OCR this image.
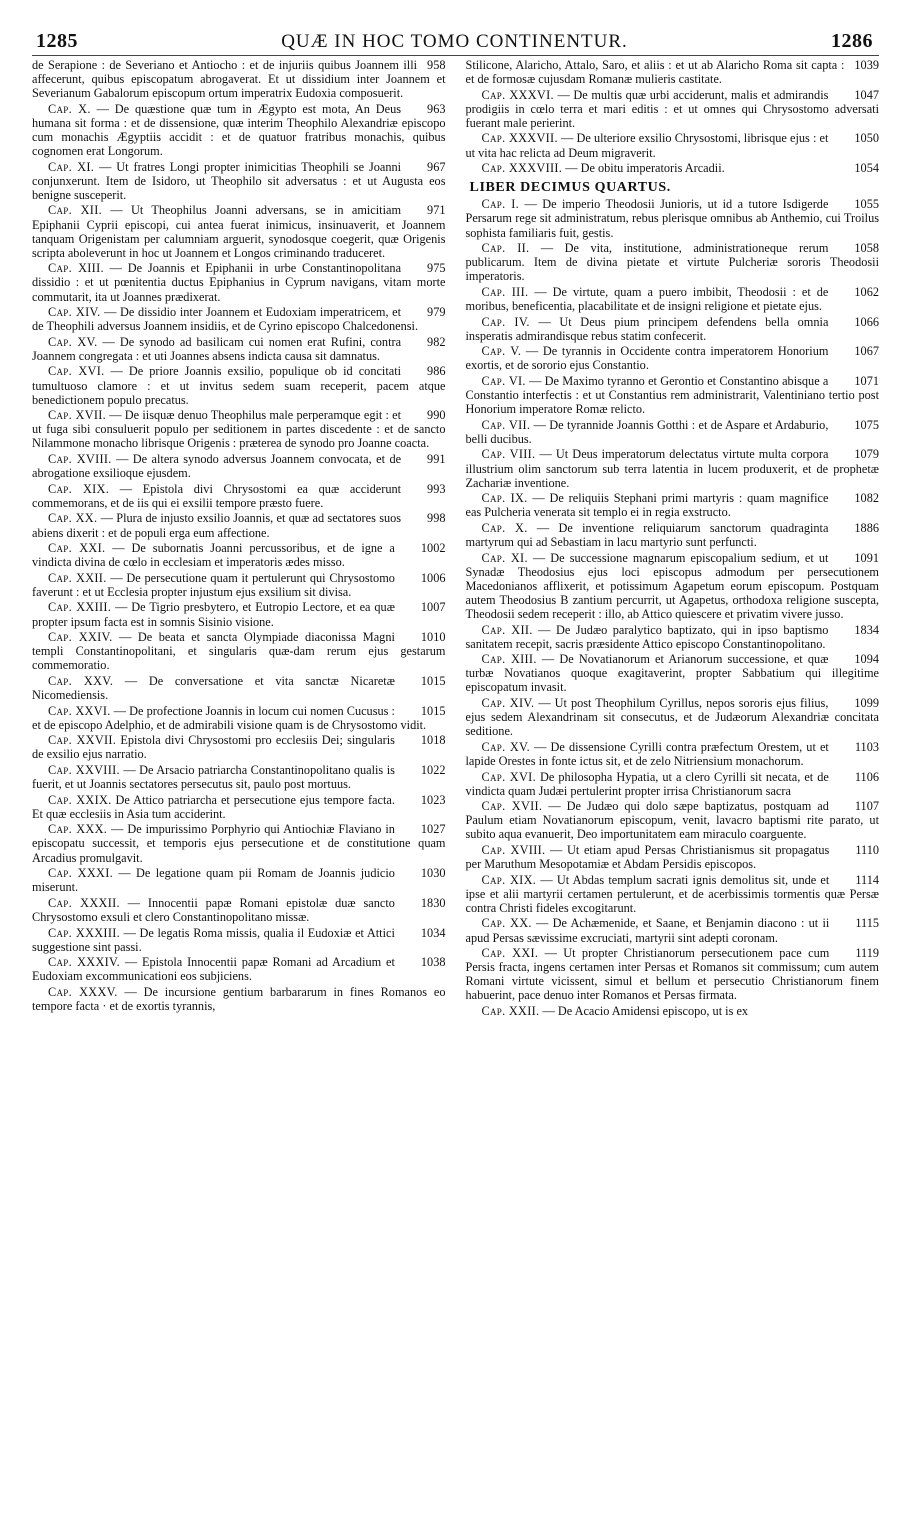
1285	QUÆ IN HOC TOMO CONTINENTUR.	1286

958
de Serapione : de Severiano et Antiocho : et de injuriis quibus Joannem illi affecerunt, quibus episcopatum abrogaverat. Et ut dissidium inter Joannem et Severianum Gabalorum episcopum ortum imperatrix Eudoxia composuerit.

963
Cap. X. — De quæstione quæ tum in Ægypto est mota, An Deus humana sit forma : et de dissensione, quæ interim Theophilo Alexandriæ episcopo cum monachis Ægyptiis accidit : et de quatuor fratribus monachis, quibus cognomen erat Longorum.

967
Cap. XI. — Ut fratres Longi propter inimicitias Theophili se Joanni conjunxerunt. Item de Isidoro, ut Theophilo sit adversatus : et ut Augusta eos benigne susceperit.

971
Cap. XII. — Ut Theophilus Joanni adversans, se in amicitiam Epiphanii Cyprii episcopi, cui antea fuerat inimicus, insinuaverit, et Joannem tanquam Origenistam per calumniam arguerit, synodosque coegerit, quæ Origenis scripta aboleverunt in hoc ut Joannem et Longos criminando traduceret.

975
Cap. XIII. — De Joannis et Epiphanii in urbe Constantinopolitana dissidio : et ut pœnitentia ductus Epiphanius in Cyprum navigans, vitam morte commutarit, ita ut Joannes prædixerat.

979
Cap. XIV. — De dissidio inter Joannem et Eudoxiam imperatricem, et de Theophili adversus Joannem insidiis, et de Cyrino episcopo Chalcedonensi.

982
Cap. XV. — De synodo ad basilicam cui nomen erat Rufini, contra Joannem congregata : et uti Joannes absens indicta causa sit damnatus.

986
Cap. XVI. — De priore Joannis exsilio, populique ob id concitati tumultuoso clamore : et ut invitus sedem suam receperit, pacem atque benedictionem populo precatus.

990
Cap. XVII. — De iisquæ denuo Theophilus male perperamque egit : et ut fuga sibi consuluerit populo per seditionem in partes discedente : et de sancto Nilammone monacho librisque Origenis : præterea de synodo pro Joanne coacta.

991
Cap. XVIII. — De altera synodo adversus Joannem convocata, et de abrogatione exsilioque ejusdem.

993
Cap. XIX. — Epistola divi Chrysostomi ea quæ acciderunt commemorans, et de iis qui ei exsilii tempore præsto fuere.

998
Cap. XX. — Plura de injusto exsilio Joannis, et quæ ad sectatores suos abiens dixerit : et de populi erga eum affectione.

1002
Cap. XXI. — De subornatis Joanni percussoribus, et de igne a vindicta divina de cœlo in ecclesiam et imperatoris ædes misso.

1006
Cap. XXII. — De persecutione quam it pertulerunt qui Chrysostomo faverunt : et ut Ecclesia propter injustum ejus exsilium sit divisa.

1007
Cap. XXIII. — De Tigrio presbytero, et Eutropio Lectore, et ea quæ propter ipsum facta est in somnis Sisinio visione.

1010
Cap. XXIV. — De beata et sancta Olympiade diaconissa Magni templi Constantinopolitani, et singularis quæ-dam rerum ejus gestarum commemoratio.

1015
Cap. XXV. — De conversatione et vita sanctæ Nicaretæ Nicomediensis.

1015
Cap. XXVI. — De profectione Joannis in locum cui nomen Cucusus : et de episcopo Adelphio, et de admirabili visione quam is de Chrysostomo vidit.

1018
Cap. XXVII. Epistola divi Chrysostomi pro ecclesiis Dei; singularis de exsilio ejus narratio.

1022
Cap. XXVIII. — De Arsacio patriarcha Constantinopolitano qualis is fuerit, et ut Joannis sectatores persecutus sit, paulo post mortuus.

1023
Cap. XXIX. De Attico patriarcha et persecutione ejus tempore facta. Et quæ ecclesiis in Asia tum acciderint.

1027
Cap. XXX. — De impurissimo Porphyrio qui Antiochiæ Flaviano in episcopatu successit, et temporis ejus persecutione et de constitutione quam Arcadius promulgavit.

1030
Cap. XXXI. — De legatione quam pii Romam de Joannis judicio miserunt.

1830
Cap. XXXII. — Innocentii papæ Romani epistolæ duæ sancto Chrysostomo exsuli et clero Constantinopolitano missæ.

1034
Cap. XXXIII. — De legatis Roma missis, qualia il Eudoxiæ et Attici suggestione sint passi.

1038
Cap. XXXIV. — Epistola Innocentii papæ Romani ad Arcadium et Eudoxiam excommunicationi eos subjiciens.

Cap. XXXV. — De incursione gentium barbararum in fines Romanos eo tempore facta · et de exortis tyrannis,

1039
Stilicone, Alaricho, Attalo, Saro, et aliis : et ut ab Alaricho Roma sit capta : et de formosæ cujusdam Romanæ mulieris castitate.

1047
Cap. XXXVI. — De multis quæ urbi acciderunt, malis et admirandis prodigiis in cœlo terra et mari editis : et ut omnes qui Chrysostomo adversati fuerant male perierint.

1050
Cap. XXXVII. — De ulteriore exsilio Chrysostomi, librisque ejus : et ut vita hac relicta ad Deum migraverit.

1054
Cap. XXXVIII. — De obitu imperatoris Arcadii.

LIBER DECIMUS QUARTUS.

1055
Cap. I. — De imperio Theodosii Junioris, ut id a tutore Isdigerde Persarum rege sit administratum, rebus plerisque omnibus ab Anthemio, cui Troilus sophista familiaris fuit, gestis.

1058
Cap. II. — De vita, institutione, administrationeque rerum publicarum. Item de divina pietate et virtute Pulcheriæ sororis Theodosii imperatoris.

1062
Cap. III. — De virtute, quam a puero imbibit, Theodosii : et de moribus, beneficentia, placabilitate et de insigni religione et pietate ejus.

1066
Cap. IV. — Ut Deus pium principem defendens bella omnia insperatis admirandisque rebus statim confecerit.

1067
Cap. V. — De tyrannis in Occidente contra imperatorem Honorium exortis, et de sororio ejus Constantio.

1071
Cap. VI. — De Maximo tyranno et Gerontio et Constantino abisque a Constantio interfectis : et ut Constantius rem administrarit, Valentiniano tertio post Honorium imperatore Romæ relicto.

1075
Cap. VII. — De tyrannide Joannis Gotthi : et de Aspare et Ardaburio, belli ducibus.

1079
Cap. VIII. — Ut Deus imperatorum delectatus virtute multa corpora illustrium olim sanctorum sub terra latentia in lucem produxerit, et de prophetæ Zachariæ inventione.

1082
Cap. IX. — De reliquiis Stephani primi martyris : quam magnifice eas Pulcheria venerata sit templo ei in regia exstructo.

1886
Cap. X. — De inventione reliquiarum sanctorum quadraginta martyrum qui ad Sebastiam in lacu martyrio sunt perfuncti.

1091
Cap. XI. — De successione magnarum episcopalium sedium, et ut Synadæ Theodosius ejus loci episcopus admodum per persecutionem Macedonianos afflixerit, et potissimum Agapetum eorum episcopum. Postquam autem Theodosius B zantium percurrit, ut Agapetus, orthodoxa religione suscepta, Theodosii sedem receperit : illo, ab Attico quiescere et privatim vivere jusso.

1834
Cap. XII. — De Judæo paralytico baptizato, qui in ipso baptismo sanitatem recepit, sacris præsidente Attico episcopo Constantinopolitano.

1094
Cap. XIII. — De Novatianorum et Arianorum successione, et quæ turbæ Novatianos quoque exagitaverint, propter Sabbatium qui illegitime episcopatum invasit.

1099
Cap. XIV. — Ut post Theophilum Cyrillus, nepos sororis ejus filius, ejus sedem Alexandrinam sit consecutus, et de Judæorum Alexandriæ concitata seditione.

1103
Cap. XV. — De dissensione Cyrilli contra præfectum Orestem, ut et lapide Orestes in fonte ictus sit, et de zelo Nitriensium monachorum.

1106
Cap. XVI. De philosopha Hypatia, ut a clero Cyrilli sit necata, et de vindicta quam Judæi pertulerint propter irrisa Christianorum sacra

1107
Cap. XVII. — De Judæo qui dolo sæpe baptizatus, postquam ad Paulum etiam Novatianorum episcopum, venit, lavacro baptismi rite parato, ut subito aqua evanuerit, Deo importunitatem eam miraculo coarguente.

1110
Cap. XVIII. — Ut etiam apud Persas Christianismus sit propagatus per Maruthum Mesopotamiæ et Abdam Persidis episcopos.

1114
Cap. XIX. — Ut Abdas templum sacrati ignis demolitus sit, unde et ipse et alii martyrii certamen pertulerunt, et de acerbissimis tormentis quæ Persæ contra Christi fideles excogitarunt.

1115
Cap. XX. — De Achæmenide, et Saane, et Benjamin diacono : ut ii apud Persas sævissime excruciati, martyrii sint adepti coronam.

1119
Cap. XXI. — Ut propter Christianorum persecutionem pace cum Persis fracta, ingens certamen inter Persas et Romanos sit commissum; cum autem Romani virtute vicissent, simul et bellum et persecutio Christianorum finem habuerint, pace denuo inter Romanos et Persas firmata.

Cap. XXII. — De Acacio Amidensi episcopo, ut is ex
